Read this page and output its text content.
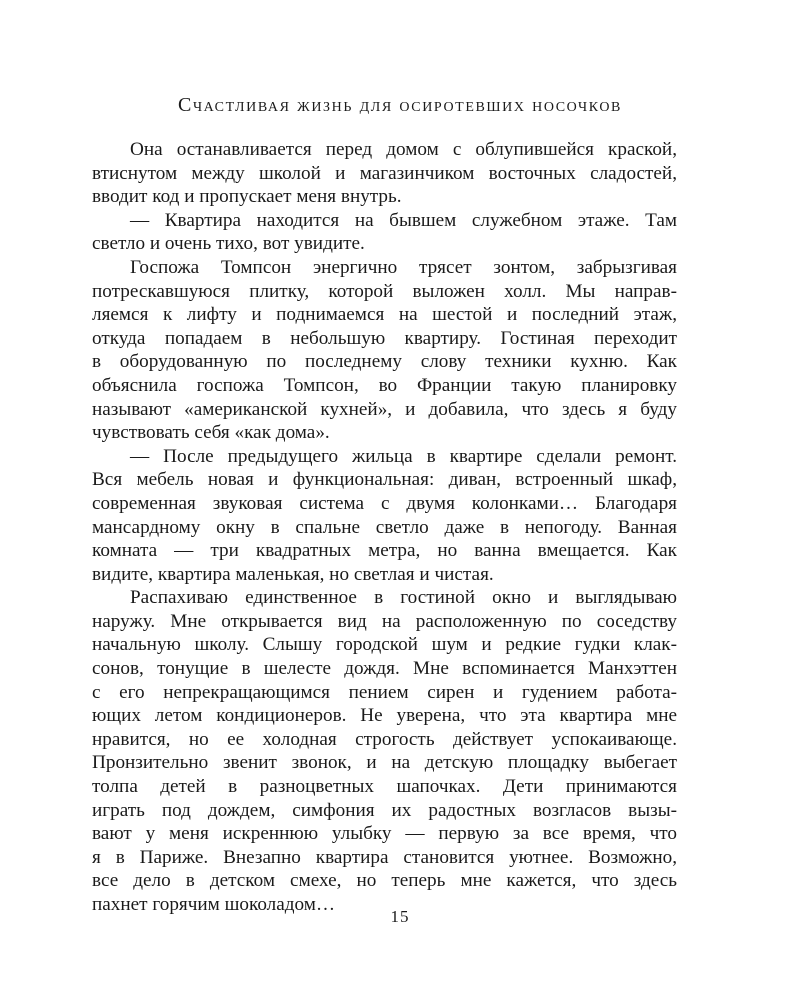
Счастливая жизнь для осиротевших носочков
Она останавливается перед домом с облупившейся краской,
втиснутом между школой и магазинчиком восточных сладостей,
вводит код и пропускает меня внутрь.
— Квартира находится на бывшем служебном этаже. Там
светло и очень тихо, вот увидите.
Госпожа Томпсон энергично трясет зонтом, забрызгивая
потрескавшуюся плитку, которой выложен холл. Мы направ-
ляемся к лифту и поднимаемся на шестой и последний этаж,
откуда попадаем в небольшую квартиру. Гостиная переходит
в оборудованную по последнему слову техники кухню. Как
объяснила госпожа Томпсон, во Франции такую планировку
называют «американской кухней», и добавила, что здесь я буду
чувствовать себя «как дома».
— После предыдущего жильца в квартире сделали ремонт.
Вся мебель новая и функциональная: диван, встроенный шкаф,
современная звуковая система с двумя колонками… Благодаря
мансардному окну в спальне светло даже в непогоду. Ванная
комната — три квадратных метра, но ванна вмещается. Как
видите, квартира маленькая, но светлая и чистая.
Распахиваю единственное в гостиной окно и выглядываю
наружу. Мне открывается вид на расположенную по соседству
начальную школу. Слышу городской шум и редкие гудки клак-
сонов, тонущие в шелесте дождя. Мне вспоминается Манхэттен
с его непрекращающимся пением сирен и гудением работа-
ющих летом кондиционеров. Не уверена, что эта квартира мне
нравится, но ее холодная строгость действует успокаивающе.
Пронзительно звенит звонок, и на детскую площадку выбегает
толпа детей в разноцветных шапочках. Дети принимаются
играть под дождем, симфония их радостных возгласов вызы-
вают у меня искреннюю улыбку — первую за все время, что
я в Париже. Внезапно квартира становится уютнее. Возможно,
все дело в детском смехе, но теперь мне кажется, что здесь
пахнет горячим шоколадом…
15
